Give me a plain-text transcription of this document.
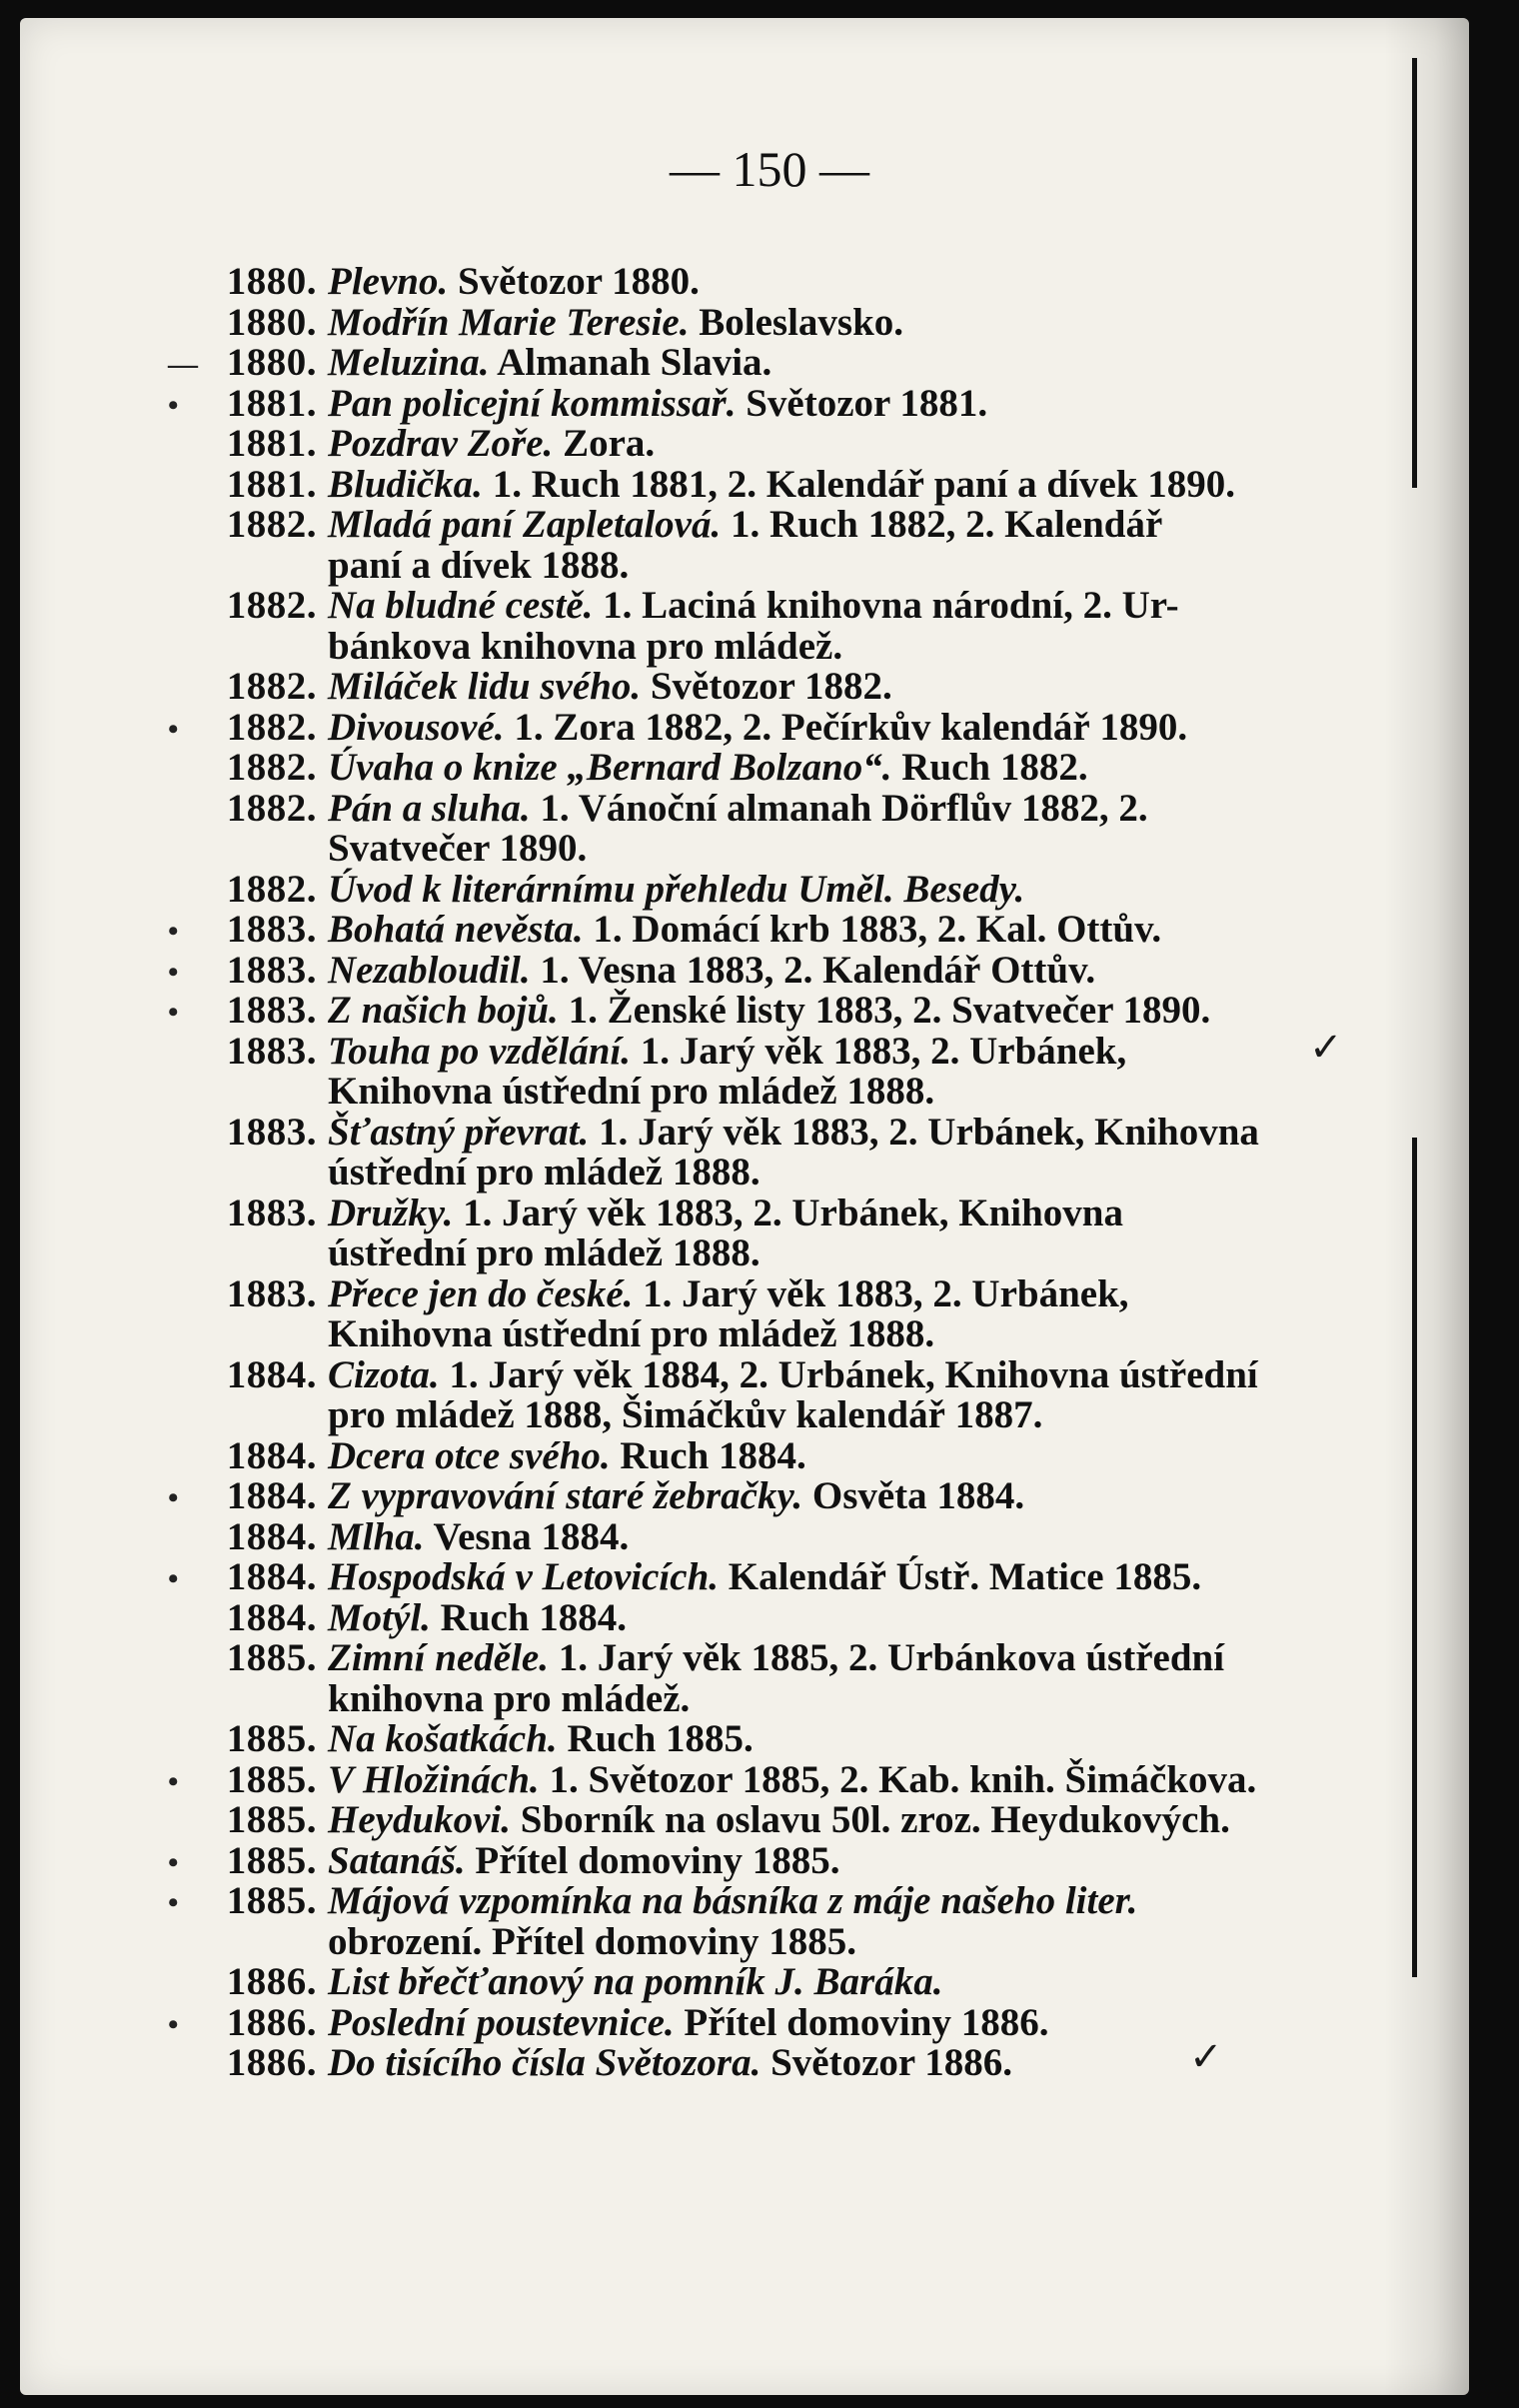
— 150 —
1880. Plevno. Světozor 1880.
1880. Modřín Marie Teresie. Boleslavsko.
— 1880. Meluzina. Almanah Slavia.
• 1881. Pan policejní kommissař. Světozor 1881.
1881. Pozdrav Zoře. Zora.
1881. Bludička. 1. Ruch 1881, 2. Kalendář paní a dívek 1890.
1882. Mladá paní Zapletalová. 1. Ruch 1882, 2. Kalendář
paní a dívek 1888.
1882. Na bludné cestě. 1. Laciná knihovna národní, 2. Ur-
bánkova knihovna pro mládež.
1882. Miláček lidu svého. Světozor 1882.
• 1882. Divousové. 1. Zora 1882, 2. Pečírkův kalendář 1890.
1882. Úvaha o knize „Bernard Bolzano“. Ruch 1882.
1882. Pán a sluha. 1. Vánoční almanah Dörflův 1882, 2.
Svatvečer 1890.
1882. Úvod k literárnímu přehledu Uměl. Besedy.
• 1883. Bohatá nevěsta. 1. Domácí krb 1883, 2. Kal. Ottův.
• 1883. Nezabloudil. 1. Vesna 1883, 2. Kalendář Ottův.
• 1883. Z našich bojů. 1. Ženské listy 1883, 2. Svatvečer 1890.
1883. Touha po vzdělání. 1. Jarý věk 1883, 2. Urbánek,
Knihovna ústřední pro mládež 1888.
1883. Šťastný převrat. 1. Jarý věk 1883, 2. Urbánek, Knihovna
ústřední pro mládež 1888.
1883. Družky. 1. Jarý věk 1883, 2. Urbánek, Knihovna
ústřední pro mládež 1888.
1883. Přece jen do české. 1. Jarý věk 1883, 2. Urbánek,
Knihovna ústřední pro mládež 1888.
1884. Cizota. 1. Jarý věk 1884, 2. Urbánek, Knihovna ústřední
pro mládež 1888, Šimáčkův kalendář 1887.
1884. Dcera otce svého. Ruch 1884.
• 1884. Z vypravování staré žebračky. Osvěta 1884.
1884. Mlha. Vesna 1884.
• 1884. Hospodská v Letovicích. Kalendář Ústř. Matice 1885.
1884. Motýl. Ruch 1884.
1885. Zimní neděle. 1. Jarý věk 1885, 2. Urbánkova ústřední
knihovna pro mládež.
1885. Na košatkách. Ruch 1885.
• 1885. V Hložinách. 1. Světozor 1885, 2. Kab. knih. Šimáčkova.
1885. Heydukovi. Sborník na oslavu 50l. zroz. Heydukových.
• 1885. Satanáš. Přítel domoviny 1885.
• 1885. Májová vzpomínka na básníka z máje našeho liter.
obrození. Přítel domoviny 1885.
1886. List břečťanový na pomník J. Baráka.
• 1886. Poslední poustevnice. Přítel domoviny 1886.
1886. Do tisícího čísla Světozora. Světozor 1886.
✓
✓
